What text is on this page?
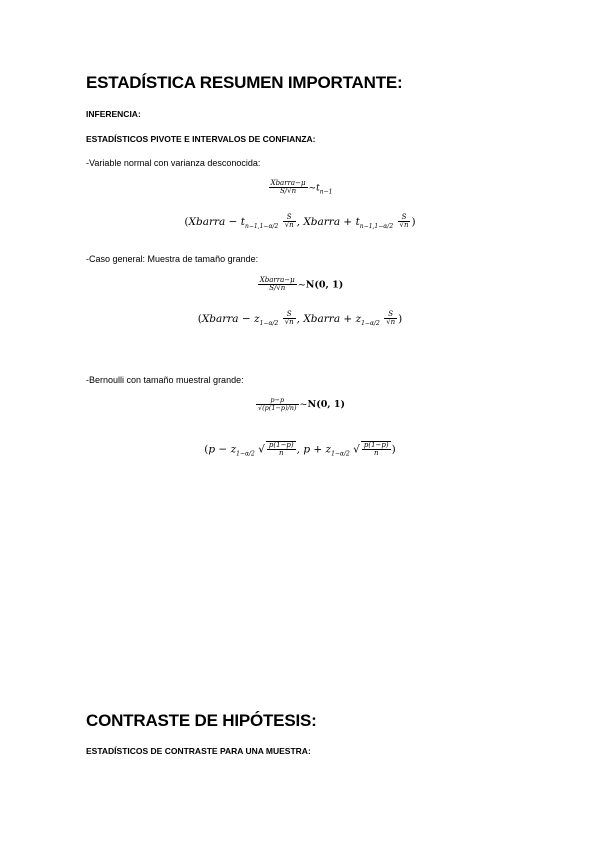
ESTADÍSTICA RESUMEN IMPORTANTE:
INFERENCIA:
ESTADÍSTICOS PIVOTE E INTERVALOS DE CONFIANZA:
-Variable normal con varianza desconocida:
$\frac{\text{Xbarra−μ}}{S/√n}$ $\sim t_{n-1}$
(Xbarra − $t_{n-1,1-\alpha/2} \frac{S}{√n}$ , Xbarra + $t_{n-1,1-\alpha/2} \frac{S}{√n}$ )
-Caso general: Muestra de tamaño grande:
$\frac{\text{Xbarra−μ}}{S/√n}$ ~N(0, 1)
(Xbarra − $z_{1-\alpha/2} \frac{S}{√n}$ , Xbarra + $z_{1-\alpha/2} \frac{S}{√n}$ )
-Bernoulli con tamaño muestral grande:
$\frac{p-p}{√(p(1-p)/n)}$ ~N(0, 1)
($p - z_{1-\alpha/2}$ √ $\frac{p(1-p)}{n}$ , $p + z_{1-\alpha/2}$ √ $\frac{p(1-p)}{n}$ )
CONTRASTE DE HIPÓTESIS:
ESTADÍSTICOS DE CONTRASTE PARA UNA MUESTRA:
